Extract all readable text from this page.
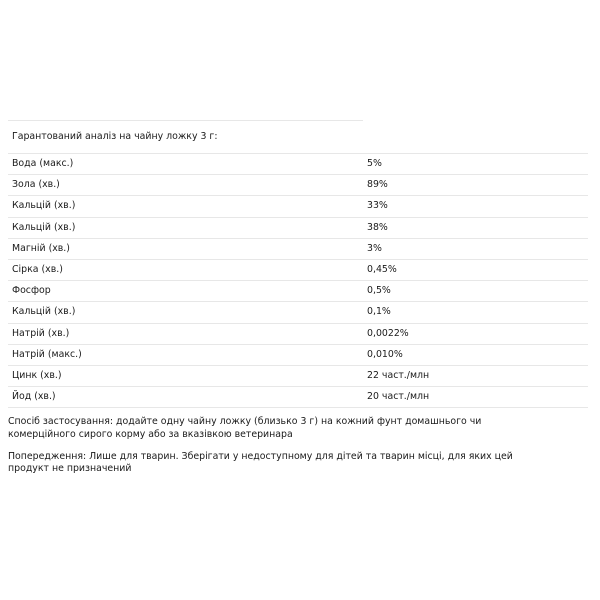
Гарантований аналіз на чайну ложку 3 г:	
Вода (макс.)	5%
Зола (хв.)	89%
Кальцій (хв.)	33%
Кальцій (хв.)	38%
Магній (хв.)	3%
Сірка (хв.)	0,45%
Фосфор	0,5%
Кальцій (хв.)	0,1%
Натрій (хв.)	0,0022%
Натрій (макс.)	0,010%
Цинк (хв.)	22 част./млн
Йод (хв.)	20 част./млн

Спосіб застосування: додайте одну чайну ложку (близько 3 г) на кожний фунт домашнього чи комерційного сирого корму або за вказівкою ветеринара

Попередження: Лише для тварин. Зберігати у недоступному для дітей та тварин місці, для яких цей продукт не призначений
